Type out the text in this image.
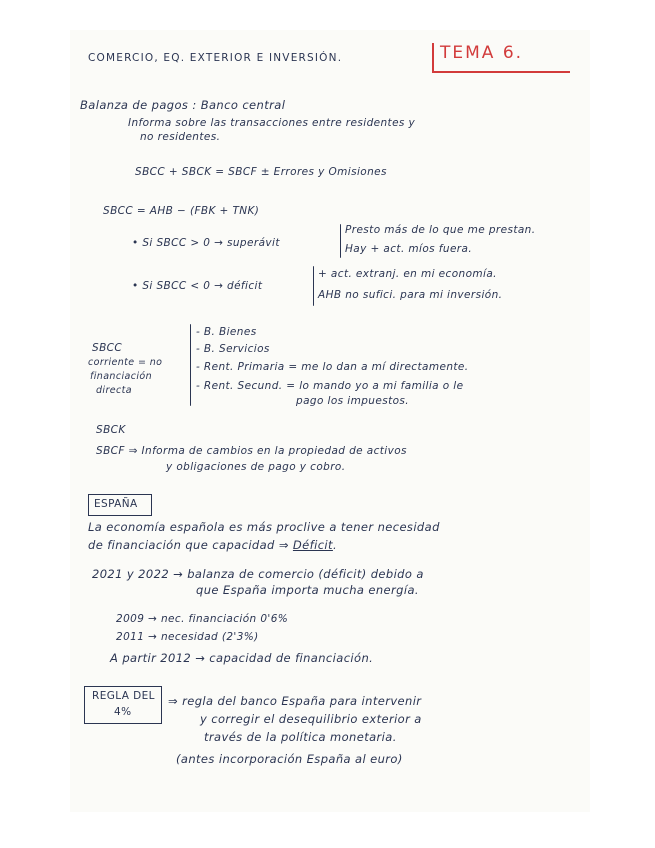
COMERCIO, EQ. EXTERIOR E INVERSIÓN.	TEMA 6.
Balanza de pagos : Banco central
Informa sobre las transacciones entre residentes y
no residentes.
SBCC + SBCK = SBCF ± Errores y Omisiones
SBCC = AHB − (FBK + TNK)
• Si SBCC > 0 → superávit
Presto más de lo que me prestan.
Hay + act. míos fuera.
• Si SBCC < 0 → déficit
+ act. extranj. en mi economía.
AHB no sufici. para mi inversión.
SBCC
corriente = no
financiación
directa
- B. Bienes
- B. Servicios
- Rent. Primaria = me lo dan a mí directamente.
- Rent. Secund. = lo mando yo a mi familia o le
pago los impuestos.
SBCK
SBCF ⇒ Informa de cambios en la propiedad de activos
y obligaciones de pago y cobro.
ESPAÑA
La economía española es más proclive a tener necesidad
de financiación que capacidad ⇒ Déficit.
2021 y 2022 → balanza de comercio (déficit) debido a
que España importa mucha energía.
2009 → nec. financiación 0'6%
2011 → necesidad (2'3%)
A partir 2012 → capacidad de financiación.
REGLA DEL
4%
⇒ regla del banco España para intervenir
y corregir el desequilibrio exterior a
través de la política monetaria.
(antes incorporación España al euro)
